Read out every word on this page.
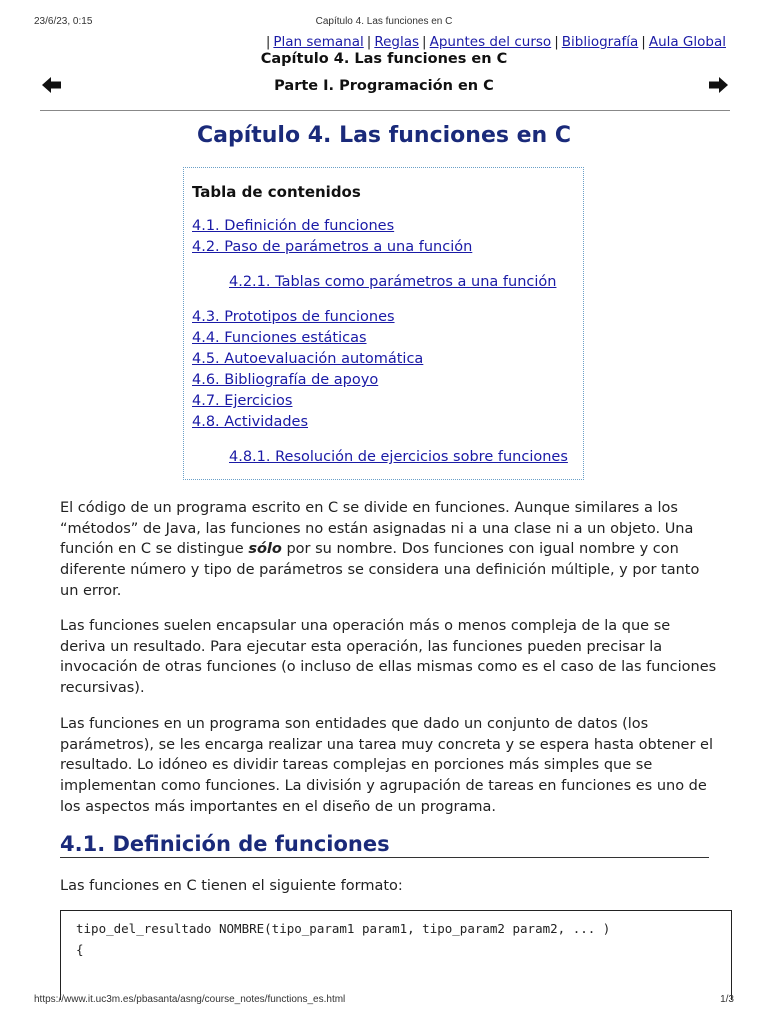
23/6/23, 0:15	Capítulo 4. Las funciones en C
| Plan semanal | Reglas | Apuntes del curso | Bibliografía | Aula Global
Capítulo 4. Las funciones en C
Parte I. Programación en C
Capítulo 4. Las funciones en C
Tabla de contenidos
4.1. Definición de funciones
4.2. Paso de parámetros a una función
4.2.1. Tablas como parámetros a una función
4.3. Prototipos de funciones
4.4. Funciones estáticas
4.5. Autoevaluación automática
4.6. Bibliografía de apoyo
4.7. Ejercicios
4.8. Actividades
4.8.1. Resolución de ejercicios sobre funciones

El código de un programa escrito en C se divide en funciones. Aunque similares a los “métodos” de Java, las funciones no están asignadas ni a una clase ni a un objeto. Una función en C se distingue sólo por su nombre. Dos funciones con igual nombre y con diferente número y tipo de parámetros se considera una definición múltiple, y por tanto un error.

Las funciones suelen encapsular una operación más o menos compleja de la que se deriva un resultado. Para ejecutar esta operación, las funciones pueden precisar la invocación de otras funciones (o incluso de ellas mismas como es el caso de las funciones recursivas).

Las funciones en un programa son entidades que dado un conjunto de datos (los parámetros), se les encarga realizar una tarea muy concreta y se espera hasta obtener el resultado. Lo idóneo es dividir tareas complejas en porciones más simples que se implementan como funciones. La división y agrupación de tareas en funciones es uno de los aspectos más importantes en el diseño de un programa.

4.1. Definición de funciones

Las funciones en C tienen el siguiente formato:

tipo_del_resultado NOMBRE(tipo_param1 param1, tipo_param2 param2, ... )
{
https://www.it.uc3m.es/pbasanta/asng/course_notes/functions_es.html	1/3
